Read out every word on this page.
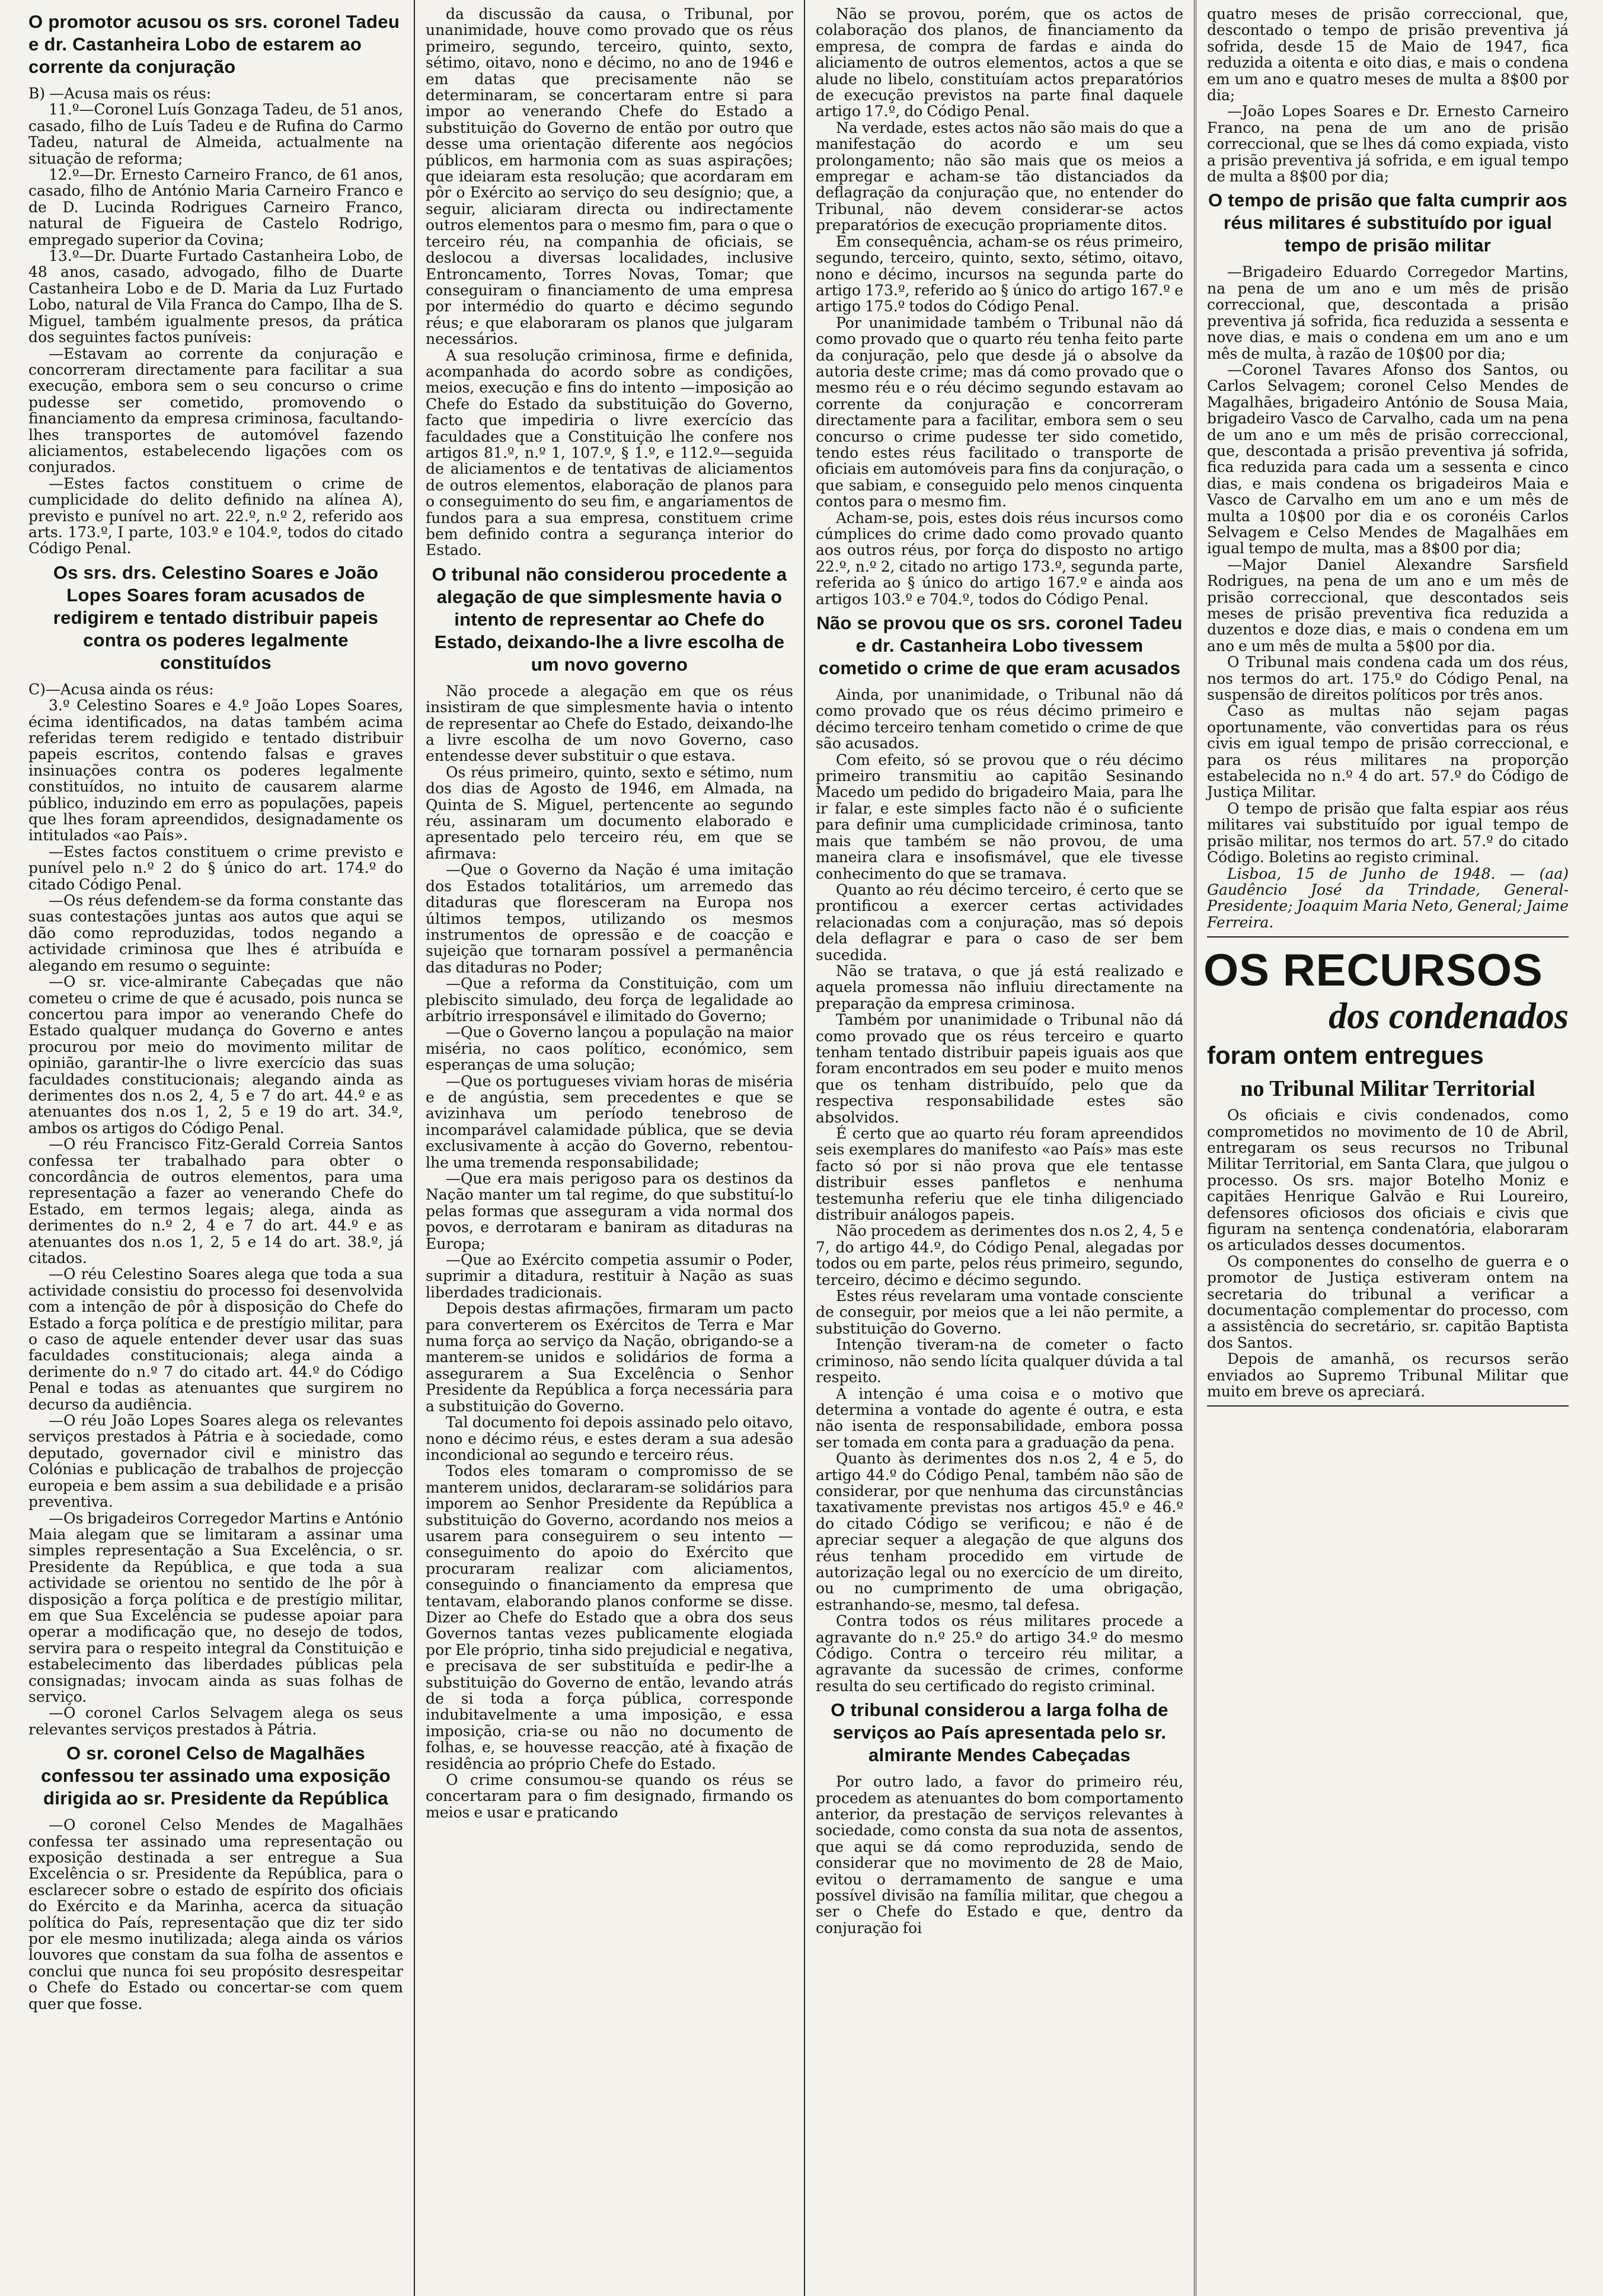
O promotor acusou os srs. coronel Tadeu e dr. Castanheira Lobo de estarem ao corrente da conjuração

B) —Acusa mais os réus:

11.º—Coronel Luís Gonzaga Tadeu, de 51 anos, casado, filho de Luís Tadeu e de Rufina do Carmo Tadeu, natural de Almeida, actualmente na situação de reforma;

12.º—Dr. Ernesto Carneiro Franco, de 61 anos, casado, filho de António Maria Carneiro Franco e de D. Lucinda Rodrigues Carneiro Franco, natural de Figueira de Castelo Rodrigo, empregado superior da Covina;

13.º—Dr. Duarte Furtado Castanheira Lobo, de 48 anos, casado, advogado, filho de Duarte Castanheira Lobo e de D. Maria da Luz Furtado Lobo, natural de Vila Franca do Campo, Ilha de S. Miguel, também igualmente presos, da prática dos seguintes factos puníveis:

—Estavam ao corrente da conjuração e concorreram directamente para facilitar a sua execução, embora sem o seu concurso o crime pudesse ser cometido, promovendo o financiamento da empresa criminosa, facultando-lhes transportes de automóvel fazendo aliciamentos, estabelecendo ligações com os conjurados.

—Estes factos constituem o crime de cumplicidade do delito definido na alínea A), previsto e punível no art. 22.º, n.º 2, referido aos arts. 173.º, I parte, 103.º e 104.º, todos do citado Código Penal.

Os srs. drs. Celestino Soares e João Lopes Soares foram acusados de redigirem e tentado distribuir papeis contra os poderes legalmente constituídos

C)—Acusa ainda os réus:

3.º Celestino Soares e 4.º João Lopes Soares, écima identificados, na datas também acima referidas terem redigido e tentado distribuir papeis escritos, contendo falsas e graves insinuações contra os poderes legalmente constituídos, no intuito de causarem alarme público, induzindo em erro as populações, papeis que lhes foram apreendidos, designadamente os intitulados «ao País».

—Estes factos constituem o crime previsto e punível pelo n.º 2 do § único do art. 174.º do citado Código Penal.

—Os réus defendem-se da forma constante das suas contestações juntas aos autos que aqui se dão como reproduzidas, todos negando a actividade criminosa que lhes é atribuída e alegando em resumo o seguinte:

—O sr. vice-almirante Cabeçadas que não cometeu o crime de que é acusado, pois nunca se concertou para impor ao venerando Chefe do Estado qualquer mudança do Governo e antes procurou por meio do movimento militar de opinião, garantir-lhe o livre exercício das suas faculdades constitucionais; alegando ainda as derimentes dos n.os 2, 4, 5 e 7 do art. 44.º e as atenuantes dos n.os 1, 2, 5 e 19 do art. 34.º, ambos os artigos do Código Penal.

—O réu Francisco Fitz-Gerald Correia Santos confessa ter trabalhado para obter o concordância de outros elementos, para uma representação a fazer ao venerando Chefe do Estado, em termos legais; alega, ainda as derimentes do n.º 2, 4 e 7 do art. 44.º e as atenuantes dos n.os 1, 2, 5 e 14 do art. 38.º, já citados.

—O réu Celestino Soares alega que toda a sua actividade consistiu do processo foi desenvolvida com a intenção de pôr à disposição do Chefe do Estado a força política e de prestígio militar, para o caso de aquele entender dever usar das suas faculdades constitucionais; alega ainda a derimente do n.º 7 do citado art. 44.º do Código Penal e todas as atenuantes que surgirem no decurso da audiência.

—O réu João Lopes Soares alega os relevantes serviços prestados à Pátria e à sociedade, como deputado, governador civil e ministro das Colónias e publicação de trabalhos de projecção europeia e bem assim a sua debilidade e a prisão preventiva.

—Os brigadeiros Corregedor Martins e António Maia alegam que se limitaram a assinar uma simples representação a Sua Excelência, o sr. Presidente da República, e que toda a sua actividade se orientou no sentido de lhe pôr à disposição a força política e de prestígio militar, em que Sua Excelência se pudesse apoiar para operar a modificação que, no desejo de todos, servira para o respeito integral da Constituição e estabelecimento das liberdades públicas pela consignadas; invocam ainda as suas folhas de serviço.

—O coronel Carlos Selvagem alega os seus relevantes serviços prestados à Pátria.

O sr. coronel Celso de Magalhães confessou ter assinado uma exposição dirigida ao sr. Presidente da República

—O coronel Celso Mendes de Magalhães confessa ter assinado uma representação ou exposição destinada a ser entregue a Sua Excelência o sr. Presidente da República, para o esclarecer sobre o estado de espírito dos oficiais do Exército e da Marinha, acerca da situação política do País, representação que diz ter sido por ele mesmo inutilizada; alega ainda os vários louvores que constam da sua folha de assentos e conclui que nunca foi seu propósito desrespeitar o Chefe do Estado ou concertar-se com quem quer que fosse.

da discussão da causa, o Tribunal, por unanimidade, houve como provado que os réus primeiro, segundo, terceiro, quinto, sexto, sétimo, oitavo, nono e décimo, no ano de 1946 e em datas que precisamente não se determinaram, se concertaram entre si para impor ao venerando Chefe do Estado a substituição do Governo de então por outro que desse uma orientação diferente aos negócios públicos, em harmonia com as suas aspirações; que ideiaram esta resolução; que acordaram em pôr o Exército ao serviço do seu desígnio; que, a seguir, aliciaram directa ou indirectamente outros elementos para o mesmo fim, para o que o terceiro réu, na companhia de oficiais, se deslocou a diversas localidades, inclusive Entroncamento, Torres Novas, Tomar; que conseguiram o financiamento de uma empresa por intermédio do quarto e décimo segundo réus; e que elaboraram os planos que julgaram necessários.

A sua resolução criminosa, firme e definida, acompanhada do acordo sobre as condições, meios, execução e fins do intento —imposição ao Chefe do Estado da substituição do Governo, facto que impediria o livre exercício das faculdades que a Constituição lhe confere nos artigos 81.º, n.º 1, 107.º, § 1.º, e 112.º—seguida de aliciamentos e de tentativas de aliciamentos de outros elementos, elaboração de planos para o conseguimento do seu fim, e angariamentos de fundos para a sua empresa, constituem crime bem definido contra a segurança interior do Estado.

O tribunal não considerou procedente a alegação de que simplesmente havia o intento de representar ao Chefe do Estado, deixando-lhe a livre escolha de um novo governo

Não procede a alegação em que os réus insistiram de que simplesmente havia o intento de representar ao Chefe do Estado, deixando-lhe a livre escolha de um novo Governo, caso entendesse dever substituir o que estava.

Os réus primeiro, quinto, sexto e sétimo, num dos dias de Agosto de 1946, em Almada, na Quinta de S. Miguel, pertencente ao segundo réu, assinaram um documento elaborado e apresentado pelo terceiro réu, em que se afirmava:

—Que o Governo da Nação é uma imitação dos Estados totalitários, um arremedo das ditaduras que floresceram na Europa nos últimos tempos, utilizando os mesmos instrumentos de opressão e de coacção e sujeição que tornaram possível a permanência das ditaduras no Poder;

—Que a reforma da Constituição, com um plebiscito simulado, deu força de legalidade ao arbítrio irresponsável e ilimitado do Governo;

—Que o Governo lançou a população na maior miséria, no caos político, económico, sem esperanças de uma solução;

—Que os portugueses viviam horas de miséria e de angústia, sem precedentes e que se avizinhava um período tenebroso de incomparável calamidade pública, que se devia exclusivamente à acção do Governo, rebentou-lhe uma tremenda responsabilidade;

—Que era mais perigoso para os destinos da Nação manter um tal regime, do que substituí-lo pelas formas que asseguram a vida normal dos povos, e derrotaram e baniram as ditaduras na Europa;

—Que ao Exército competia assumir o Poder, suprimir a ditadura, restituir à Nação as suas liberdades tradicionais.

Depois destas afirmações, firmaram um pacto para converterem os Exércitos de Terra e Mar numa força ao serviço da Nação, obrigando-se a manterem-se unidos e solidários de forma a assegurarem a Sua Excelência o Senhor Presidente da República a força necessária para a substituição do Governo.

Tal documento foi depois assinado pelo oitavo, nono e décimo réus, e estes deram a sua adesão incondicional ao segundo e terceiro réus.

Todos eles tomaram o compromisso de se manterem unidos, declararam-se solidários para imporem ao Senhor Presidente da República a substituição do Governo, acordando nos meios a usarem para conseguirem o seu intento —conseguimento do apoio do Exército que procuraram realizar com aliciamentos, conseguindo o financiamento da empresa que tentavam, elaborando planos conforme se disse. Dizer ao Chefe do Estado que a obra dos seus Governos tantas vezes publicamente elogiada por Ele próprio, tinha sido prejudicial e negativa, e precisava de ser substituída e pedir-lhe a substituição do Governo de então, levando atrás de si toda a força pública, corresponde indubitavelmente a uma imposição, e essa imposição, cria-se ou não no documento de folhas, e, se houvesse reacção, até à fixação de residência ao próprio Chefe do Estado.

O crime consumou-se quando os réus se concertaram para o fim designado, firmando os meios e usar e praticando

Não se provou, porém, que os actos de colaboração dos planos, de financiamento da empresa, de compra de fardas e ainda do aliciamento de outros elementos, actos a que se alude no libelo, constituíam actos preparatórios de execução previstos na parte final daquele artigo 17.º, do Código Penal.

Na verdade, estes actos não são mais do que a manifestação do acordo e um seu prolongamento; não são mais que os meios a empregar e acham-se tão distanciados da deflagração da conjuração que, no entender do Tribunal, não devem considerar-se actos preparatórios de execução propriamente ditos.

Em consequência, acham-se os réus primeiro, segundo, terceiro, quinto, sexto, sétimo, oitavo, nono e décimo, incursos na segunda parte do artigo 173.º, referido ao § único do artigo 167.º e artigo 175.º todos do Código Penal.

Por unanimidade também o Tribunal não dá como provado que o quarto réu tenha feito parte da conjuração, pelo que desde já o absolve da autoria deste crime; mas dá como provado que o mesmo réu e o réu décimo segundo estavam ao corrente da conjuração e concorreram directamente para a facilitar, embora sem o seu concurso o crime pudesse ter sido cometido, tendo estes réus facilitado o transporte de oficiais em automóveis para fins da conjuração, o que sabiam, e conseguido pelo menos cinquenta contos para o mesmo fim.

Acham-se, pois, estes dois réus incursos como cúmplices do crime dado como provado quanto aos outros réus, por força do disposto no artigo 22.º, n.º 2, citado no artigo 173.º, segunda parte, referida ao § único do artigo 167.º e ainda aos artigos 103.º e 704.º, todos do Código Penal.

Não se provou que os srs. coronel Tadeu e dr. Castanheira Lobo tivessem cometido o crime de que eram acusados

Ainda, por unanimidade, o Tribunal não dá como provado que os réus décimo primeiro e décimo terceiro tenham cometido o crime de que são acusados.

Com efeito, só se provou que o réu décimo primeiro transmitiu ao capitão Sesinando Macedo um pedido do brigadeiro Maia, para lhe ir falar, e este simples facto não é o suficiente para definir uma cumplicidade criminosa, tanto mais que também se não provou, de uma maneira clara e insofismável, que ele tivesse conhecimento do que se tramava.

Quanto ao réu décimo terceiro, é certo que se prontificou a exercer certas actividades relacionadas com a conjuração, mas só depois dela deflagrar e para o caso de ser bem sucedida.

Não se tratava, o que já está realizado e aquela promessa não influiu directamente na preparação da empresa criminosa.

Também por unanimidade o Tribunal não dá como provado que os réus terceiro e quarto tenham tentado distribuir papeis iguais aos que foram encontrados em seu poder e muito menos que os tenham distribuído, pelo que da respectiva responsabilidade estes são absolvidos.

É certo que ao quarto réu foram apreendidos seis exemplares do manifesto «ao País» mas este facto só por si não prova que ele tentasse distribuir esses panfletos e nenhuma testemunha referiu que ele tinha diligenciado distribuir análogos papeis.

Não procedem as derimentes dos n.os 2, 4, 5 e 7, do artigo 44.º, do Código Penal, alegadas por todos ou em parte, pelos réus primeiro, segundo, terceiro, décimo e décimo segundo.

Estes réus revelaram uma vontade consciente de conseguir, por meios que a lei não permite, a substituição do Governo.

Intenção tiveram-na de cometer o facto criminoso, não sendo lícita qualquer dúvida a tal respeito.

A intenção é uma coisa e o motivo que determina a vontade do agente é outra, e esta não isenta de responsabilidade, embora possa ser tomada em conta para a graduação da pena.

Quanto às derimentes dos n.os 2, 4 e 5, do artigo 44.º do Código Penal, também não são de considerar, por que nenhuma das circunstâncias taxativamente previstas nos artigos 45.º e 46.º do citado Código se verificou; e não é de apreciar sequer a alegação de que alguns dos réus tenham procedido em virtude de autorização legal ou no exercício de um direito, ou no cumprimento de uma obrigação, estranhando-se, mesmo, tal defesa.

Contra todos os réus militares procede a agravante do n.º 25.º do artigo 34.º do mesmo Código. Contra o terceiro réu militar, a agravante da sucessão de crimes, conforme resulta do seu certificado do registo criminal.

O tribunal considerou a larga folha de serviços ao País apresentada pelo sr. almirante Mendes Cabeçadas

Por outro lado, a favor do primeiro réu, procedem as atenuantes do bom comportamento anterior, da prestação de serviços relevantes à sociedade, como consta da sua nota de assentos, que aqui se dá como reproduzida, sendo de considerar que no movimento de 28 de Maio, evitou o derramamento de sangue e uma possível divisão na família militar, que chegou a ser o Chefe do Estado e que, dentro da conjuração foi

quatro meses de prisão correccional, que, descontado o tempo de prisão preventiva já sofrida, desde 15 de Maio de 1947, fica reduzida a oitenta e oito dias, e mais o condena em um ano e quatro meses de multa a 8$00 por dia;

—João Lopes Soares e Dr. Ernesto Carneiro Franco, na pena de um ano de prisão correccional, que se lhes dá como expiada, visto a prisão preventiva já sofrida, e em igual tempo de multa a 8$00 por dia;

O tempo de prisão que falta cumprir aos réus militares é substituído por igual tempo de prisão militar

—Brigadeiro Eduardo Corregedor Martins, na pena de um ano e um mês de prisão correccional, que, descontada a prisão preventiva já sofrida, fica reduzida a sessenta e nove dias, e mais o condena em um ano e um mês de multa, à razão de 10$00 por dia;

—Coronel Tavares Afonso dos Santos, ou Carlos Selvagem; coronel Celso Mendes de Magalhães, brigadeiro António de Sousa Maia, brigadeiro Vasco de Carvalho, cada um na pena de um ano e um mês de prisão correccional, que, descontada a prisão preventiva já sofrida, fica reduzida para cada um a sessenta e cinco dias, e mais condena os brigadeiros Maia e Vasco de Carvalho em um ano e um mês de multa a 10$00 por dia e os coronéis Carlos Selvagem e Celso Mendes de Magalhães em igual tempo de multa, mas a 8$00 por dia;

—Major Daniel Alexandre Sarsfield Rodrigues, na pena de um ano e um mês de prisão correccional, que descontados seis meses de prisão preventiva fica reduzida a duzentos e doze dias, e mais o condena em um ano e um mês de multa a 5$00 por dia.

O Tribunal mais condena cada um dos réus, nos termos do art. 175.º do Código Penal, na suspensão de direitos políticos por três anos.

Caso as multas não sejam pagas oportunamente, vão convertidas para os réus civis em igual tempo de prisão correccional, e para os réus militares na proporção estabelecida no n.º 4 do art. 57.º do Código de Justiça Militar.

O tempo de prisão que falta espiar aos réus militares vai substituído por igual tempo de prisão militar, nos termos do art. 57.º do citado Código. Boletins ao registo criminal.

Lisboa, 15 de Junho de 1948. — (aa) Gaudêncio José da Trindade, General-Presidente; Joaquim Maria Neto, General; Jaime Ferreira.

OS RECURSOS
dos condenados
foram ontem entregues
no Tribunal Militar Territorial

Os oficiais e civis condenados, como comprometidos no movimento de 10 de Abril, entregaram os seus recursos no Tribunal Militar Territorial, em Santa Clara, que julgou o processo. Os srs. major Botelho Moniz e capitães Henrique Galvão e Rui Loureiro, defensores oficiosos dos oficiais e civis que figuram na sentença condenatória, elaboraram os articulados desses documentos.

Os componentes do conselho de guerra e o promotor de Justiça estiveram ontem na secretaria do tribunal a verificar a documentação complementar do processo, com a assistência do secretário, sr. capitão Baptista dos Santos.

Depois de amanhã, os recursos serão enviados ao Supremo Tribunal Militar que muito em breve os apreciará.
